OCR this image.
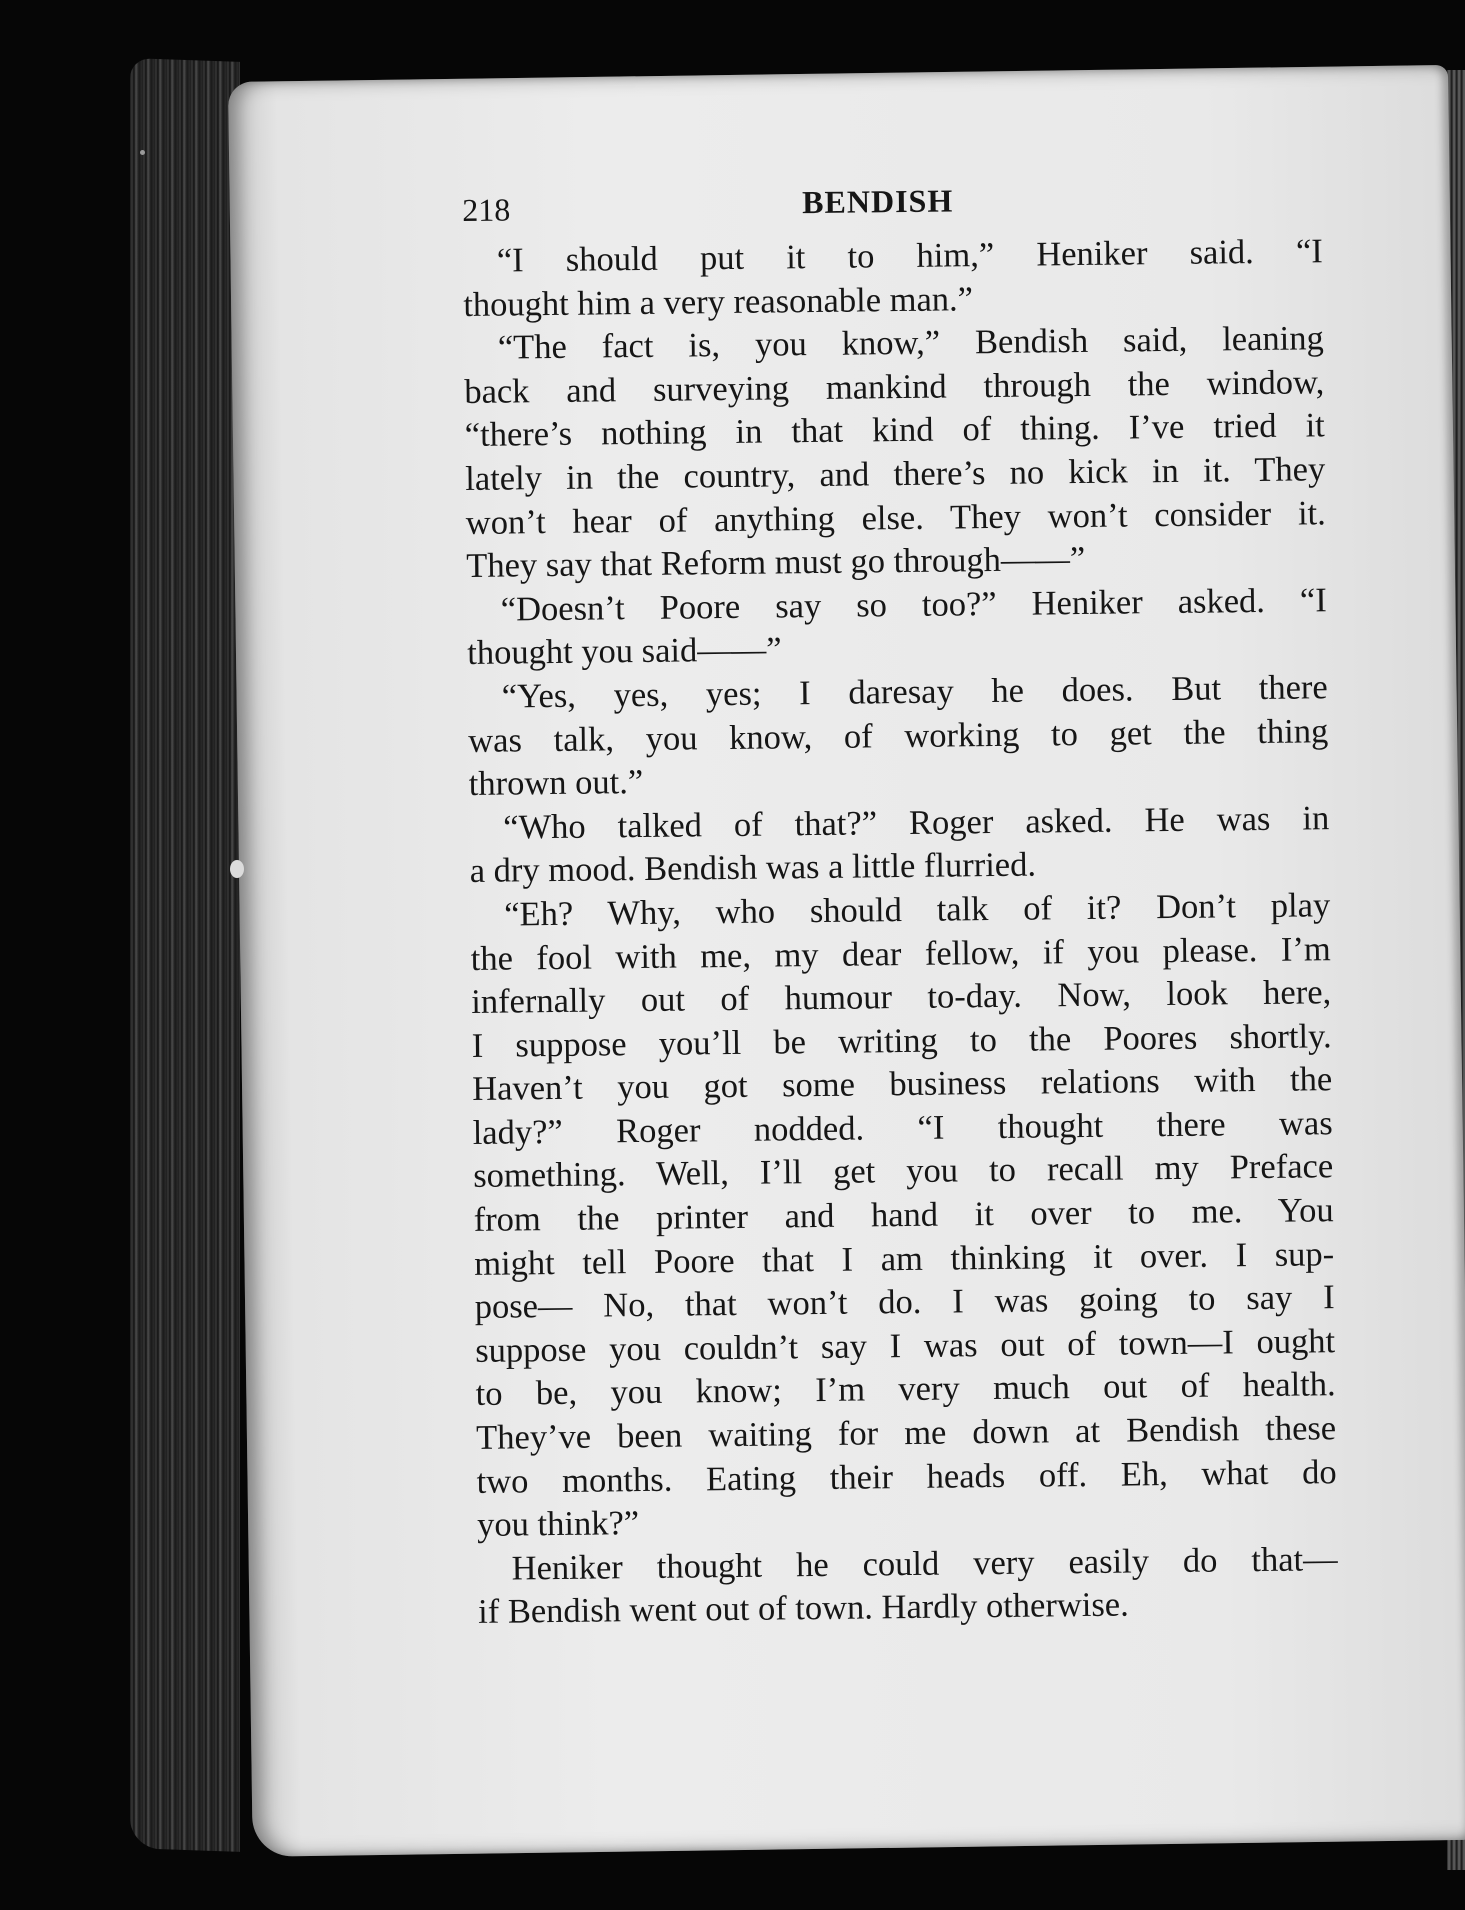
218	BENDISH
“I should put it to him,” Heniker said. “I
thought him a very reasonable man.”
“The fact is, you know,” Bendish said, leaning
back and surveying mankind through the window,
“there’s nothing in that kind of thing. I’ve tried it
lately in the country, and there’s no kick in it. They
won’t hear of anything else. They won’t consider it.
They say that Reform must go through——”
“Doesn’t Poore say so too?” Heniker asked. “I
thought you said——”
“Yes, yes, yes; I daresay he does. But there
was talk, you know, of working to get the thing
thrown out.”
“Who talked of that?” Roger asked. He was in
a dry mood. Bendish was a little flurried.
“Eh? Why, who should talk of it? Don’t play
the fool with me, my dear fellow, if you please. I’m
infernally out of humour to-day. Now, look here,
I suppose you’ll be writing to the Poores shortly.
Haven’t you got some business relations with the
lady?” Roger nodded. “I thought there was
something. Well, I’ll get you to recall my Preface
from the printer and hand it over to me. You
might tell Poore that I am thinking it over. I sup-
pose— No, that won’t do. I was going to say I
suppose you couldn’t say I was out of town—I ought
to be, you know; I’m very much out of health.
They’ve been waiting for me down at Bendish these
two months. Eating their heads off. Eh, what do
you think?”
Heniker thought he could very easily do that—
if Bendish went out of town. Hardly otherwise.
